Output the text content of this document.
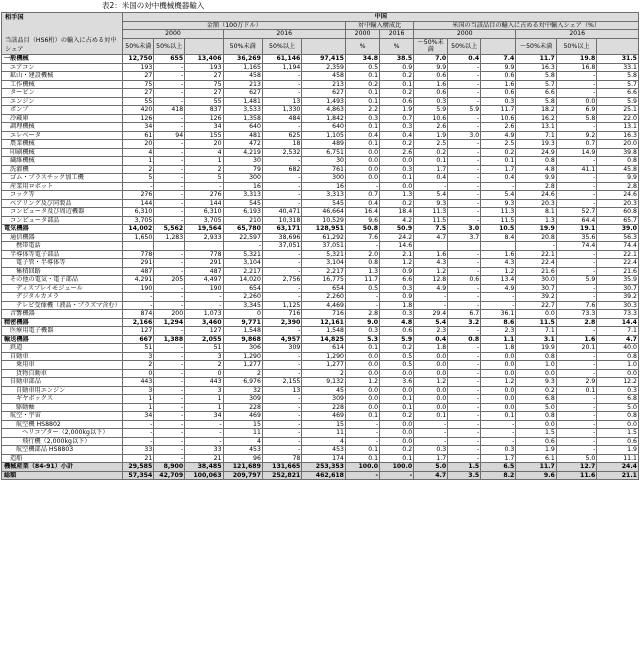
表2：米国の対中機械機器輸入
相手国
当該品目（HS6桁）の輸入に占める対中シェア	中国													
	金額（100万ドル）						対中輸入構成比		米国の当該品目の輸入に占める対中輸入シェア（%）					
	2000			2016			2000	2016	2000			2016		
	50%未満	50%以上		50%未満	50%以上		%	%	〜50%未満	50%以上		〜50%未満	50%以上	
一般機械	12,750	655	13,406	36,269	61,146	97,415	34.8	38.5	7.0	0.4	7.4	11.7	19.8	31.5
エアコン	193	-	193	1,165	1,194	2,359	0.5	0.9	9.9	-	9.9	16.3	16.8	33.1
鉱山・建設機械	27	-	27	458	-	458	0.1	0.2	0.6	-	0.6	5.8	-	5.8
工作機械	75	-	75	213	-	213	0.2	0.1	1.6	-	1.6	5.7	-	5.7
タービン	27	-	27	627	-	627	0.1	0.2	0.6	-	0.6	6.6	-	6.6
エンジン	55	-	55	1,481	13	1,493	0.1	0.6	0.3	-	0.3	5.8	0.0	5.9
ポンプ	420	418	837	3,533	1,330	4,863	2.2	1.9	5.9	5.9	11.7	18.2	6.9	25.1
冷蔵庫	126	-	126	1,358	484	1,842	0.3	0.7	10.6	-	10.6	16.2	5.8	22.0
調理機械	34	-	34	640	-	640	0.1	0.3	2.6	-	2.6	13.1	-	13.1
エレベータ	61	94	155	481	625	1,105	0.4	0.4	1.9	3.0	4.9	7.1	9.2	16.3
農業機械	20	-	20	472	18	489	0.1	0.2	2.5	-	2.5	19.3	0.7	20.0
印刷機械	4	-	4	4,219	2,532	6,751	0.0	2.6	0.2	-	0.2	24.9	14.9	39.8
繊維機械	1	-	1	30	-	30	0.0	0.0	0.1	-	0.1	0.8	-	0.8
洗濯機	2	-	2	79	682	761	0.0	0.3	1.7	-	1.7	4.8	41.1	45.8
ゴム・プラスチック加工機	5	-	5	300	-	300	0.0	0.1	0.4	-	0.4	9.9	-	9.9
産業用ロボット	-	-	-	16	-	16	-	0.0	-	-	-	2.8	-	2.8
コック等	276	-	276	3,313	-	3,313	0.7	1.3	5.4	-	5.4	24.6	-	24.6
ベアリング及び同製品	144	-	144	545	-	545	0.4	0.2	9.3	-	9.3	20.3	-	20.3
コンピュータ及び周辺機器	6,310	-	6,310	6,193	40,471	46,664	16.4	18.4	11.3	-	11.3	8.1	52.7	60.8
コンピュータ部品	3,705	-	3,705	210	10,318	10,529	9.6	4.2	11.5	-	11.5	1.3	64.4	65.7
電気機器	14,002	5,562	19,564	65,780	63,171	128,951	50.8	50.9	7.5	3.0	10.5	19.9	19.1	39.0
通信機器	1,650	1,283	2,933	22,597	38,696	61,292	7.6	24.2	4.7	3.7	8.4	20.8	35.6	56.3
携帯電話				-	37,051	37,051	-	14.6				-	74.4	74.4
半導体等電子部品	778	-	778	5,321	-	5,321	2.0	2.1	1.6	-	1.6	22.1	-	22.1
電子管・半導体等	291	-	291	3,104	-	3,104	0.8	1.2	4.3	-	4.3	22.4	-	22.4
集積回路	487	-	487	2,217	-	2,217	1.3	0.9	1.2	-	1.2	21.6	-	21.6
その他の電気・電子部品	4,291	205	4,497	14,020	2,756	16,775	11.7	6.6	12.8	0.6	13.4	30.0	5.9	35.9
ディスプレイモジュール	190	-	190	654	-	654	0.5	0.3	4.9	-	4.9	30.7	-	30.7
デジタルカメラ	-	-	-	2,260	-	2,260	-	0.9	-	-	-	39.2	-	39.2
テレビ受像機（液晶・プラズマ含む）	-	-	-	3,345	1,125	4,469	-	1.8	-	-	-	22.7	7.6	30.3
音響機器	874	200	1,073	0	716	716	2.8	0.3	29.4	6.7	36.1	0.0	73.3	73.3
精密機器	2,166	1,294	3,460	9,771	2,390	12,161	9.0	4.8	5.4	3.2	8.6	11.5	2.8	14.4
医療用電子機器	127	-	127	1,548	-	1,548	0.3	0.6	2.3	-	2.3	7.1	-	7.1
輸送機器	667	1,388	2,055	9,868	4,957	14,825	5.3	5.9	0.4	0.8	1.1	3.1	1.6	4.7
鉄道	51	-	51	306	309	614	0.1	0.2	1.8	-	1.8	19.9	20.1	40.0
自動車	3	-	3	1,290	-	1,290	0.0	0.5	0.0	-	0.0	0.8	-	0.8
乗用車	2	-	2	1,277	-	1,277	0.0	0.5	0.0	-	0.0	1.0	-	1.0
貨物自動車	0	-	0	2	-	2	0.0	0.0	0.0	-	0.0	0.0	-	0.0
自動車部品	443	-	443	6,976	2,155	9,132	1.2	3.6	1.2	-	1.2	9.3	2.9	12.2
自動車用エンジン	3	-	3	32	13	45	0.0	0.0	0.0	-	0.0	0.2	0.1	0.3
ギヤボックス	1	-	1	309	-	309	0.0	0.1	0.0	-	0.0	6.8	-	6.8
駆動軸	1	-	1	228	-	228	0.0	0.1	0.0	-	0.0	5.0	-	5.0
航空・宇宙	34	-	34	469	-	469	0.1	0.2	0.1	-	0.1	0.8	-	0.8
航空機 HS8802	-	-	-	15	-	15	-	0.0	-	-	-	0.0	-	0.0
ヘリコプター（2,000kg以下）	-	-	-	11	-	11	-	0.0	-	-	-	1.5	-	1.5
飛行機（2,000kg以下）	-	-	-	4	-	4	-	0.0	-	-	-	0.6	-	0.6
航空機部品 HS8803	33	-	33	453	-	453	0.1	0.2	0.3	-	0.3	1.9	-	1.9
造船	21	-	21	96	78	174	0.1	0.1	1.7	-	1.7	6.1	5.0	11.1
機械産業（84-91）小計	29,585	8,900	38,485	121,689	131,665	253,353	100.0	100.0	5.0	1.5	6.5	11.7	12.7	24.4
総額	57,354	42,709	100,063	209,797	252,821	462,618	-	-	4.7	3.5	8.2	9.6	11.6	21.1
